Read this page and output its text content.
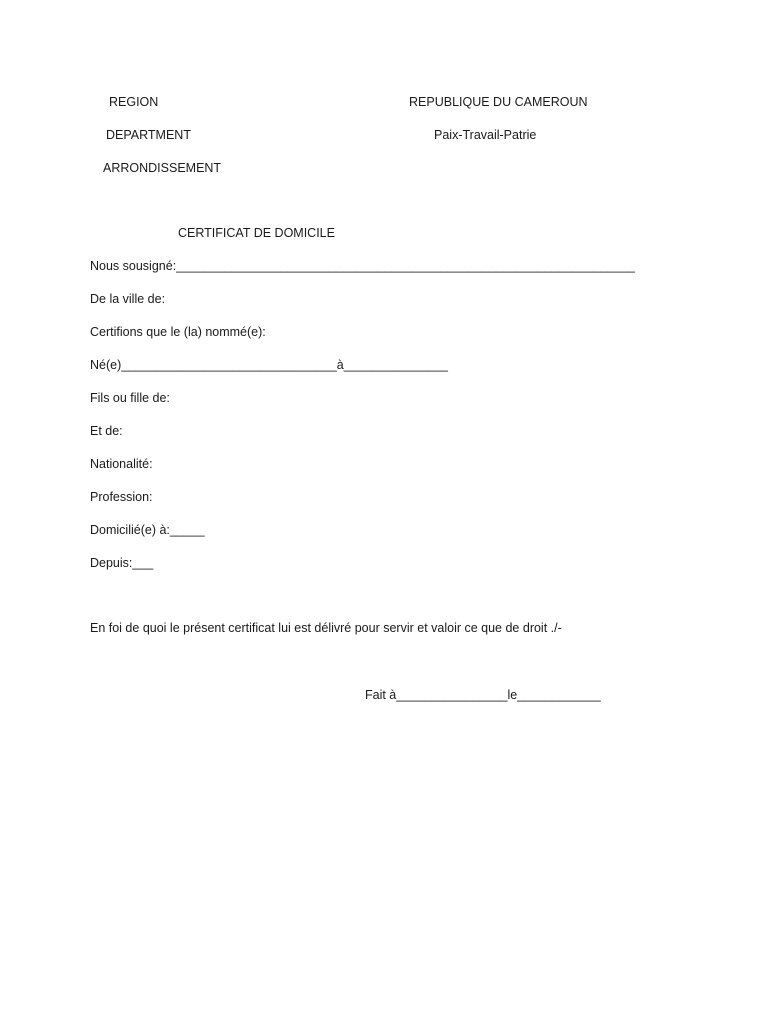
REGION
DEPARTMENT
ARRONDISSEMENT
REPUBLIQUE DU CAMEROUN
Paix-Travail-Patrie
CERTIFICAT DE DOMICILE
Nous sousigné:__________________________________________________________________
De la ville de:
Certifions que le (la) nommé(e):
Né(e)_______________________________à_______________
Fils ou fille de:
Et de:
Nationalité:
Profession:
Domicilié(e) à:_____
Depuis:___
En foi de quoi le présent certificat lui est délivré pour servir et valoir ce que de droit ./-
Fait à________________le____________
